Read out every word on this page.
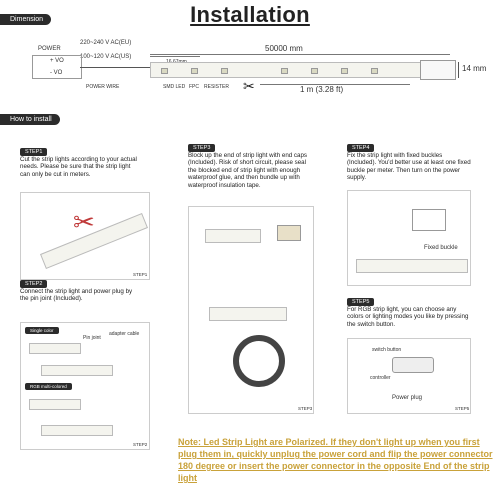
Installation
Dimension
POWER
+ VO
- VO
220~240 V AC(EU)
100~120 V AC(US)
POWER WIRE
50000 mm
14 mm
SMD LED FPC RESISTER ✂	1 m (3.28 ft)
How to install
STEP1
Cut the strip lights according to your actual needs. Please be sure that the strip light can only be cut in meters.
✂
STEP1
STEP2
Connect the strip light and power plug by the pin joint (Included).
Single color
Pin joint
adapter cable
RGB multi-colored
STEP2
STEP3
Block up the end of strip light with end caps (Included). Risk of short circuit, please seal the blocked end of strip light with enough waterproof glue, and then bundle up with waterproof insulation tape.
STEP3
STEP4
Fix the strip light with fixed buckles (Included). You'd better use at least one fixed buckle per meter. Then turn on the power supply.
Fixed buckle
STEP5
For RGB strip light, you can choose any colors or lighting modes you like by pressing the switch button.
switch button
controller
Power plug
STEP5
Note: Led Strip Light are Polarized. If they don't light up when you first plug them in, quickly unplug the power cord and flip the power connector 180 degree or insert the power connector in the opposite End of the strip light
